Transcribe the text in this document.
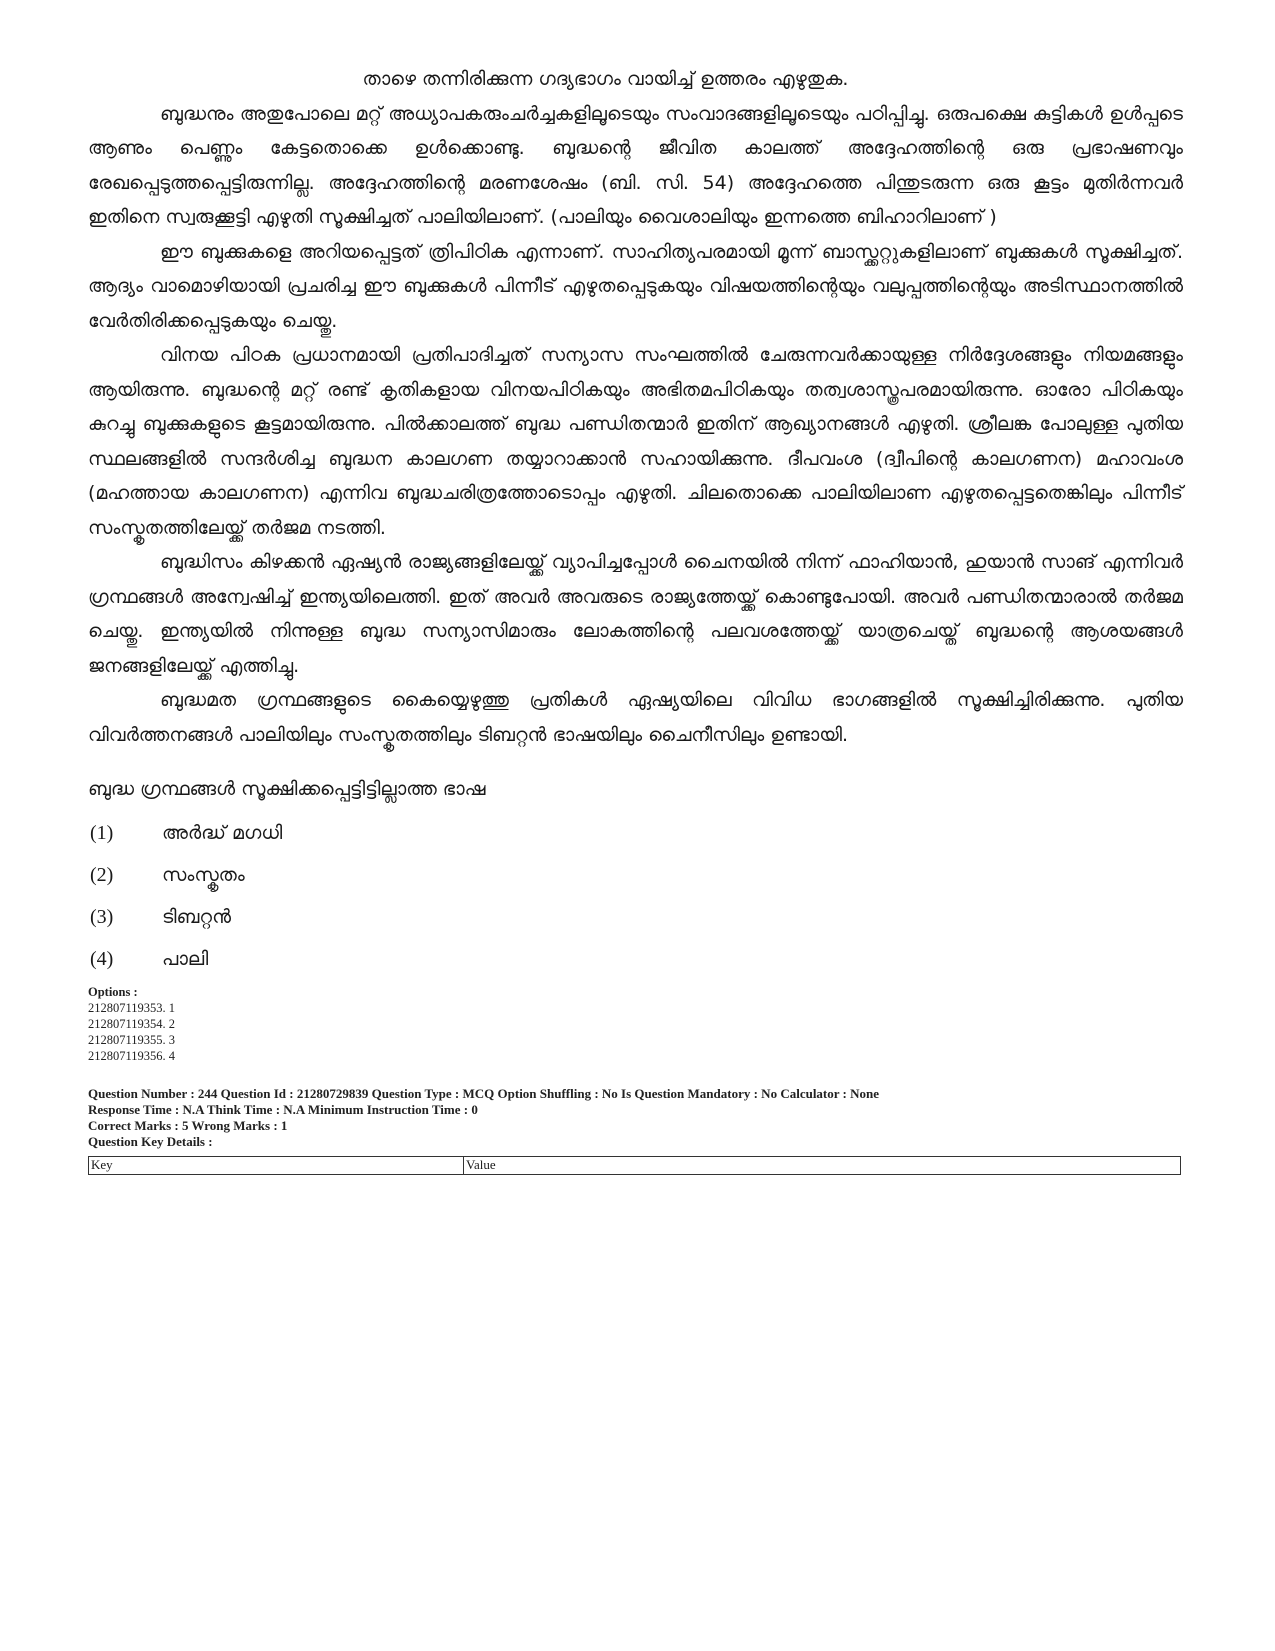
താഴെ തന്നിരിക്കുന്ന ഗദ്യഭാഗം വായിച്ച് ഉത്തരം എഴുതുക.

ബുദ്ധനും അതുപോലെ മറ്റ് അധ്യാപകരുംചർച്ചകളിലൂടെയും സംവാദങ്ങളിലൂടെയും പഠിപ്പിച്ചു. ഒരുപക്ഷെ കുട്ടികൾ ഉൾപ്പടെ ആണും പെണ്ണും കേട്ടതൊക്കെ ഉൾക്കൊണ്ടു. ബുദ്ധന്റെ ജീവിത കാലത്ത് അദ്ദേഹത്തിന്റെ ഒരു പ്രഭാഷണവും രേഖപ്പെടുത്തപ്പെട്ടിരുന്നില്ല. അദ്ദേഹത്തിന്റെ മരണശേഷം (ബി. സി. 54) അദ്ദേഹത്തെ പിന്തുടരുന്ന ഒരു കൂട്ടം മുതിർന്നവർ ഇതിനെ സ്വരുക്കൂട്ടി എഴുതി സൂക്ഷിച്ചത് പാലിയിലാണ്. (പാലിയും വൈശാലിയും ഇന്നത്തെ ബിഹാറിലാണ് )

ഈ ബുക്കുകളെ അറിയപ്പെട്ടത് ത്രിപിഠിക എന്നാണ്. സാഹിത്യപരമായി മൂന്ന് ബാസ്ക്കറ്റുകളിലാണ് ബുക്കുകൾ സൂക്ഷിച്ചത്. ആദ്യം വാമൊഴിയായി പ്രചരിച്ച ഈ ബുക്കുകൾ പിന്നീട് എഴുതപ്പെടുകയും വിഷയത്തിന്റെയും വലുപ്പത്തിന്റെയും അടിസ്ഥാനത്തിൽ വേർതിരിക്കപ്പെടുകയും ചെയ്തു.

വിനയ പിഠക പ്രധാനമായി പ്രതിപാദിച്ചത് സന്യാസ സംഘത്തിൽ ചേരുന്നവർക്കായുള്ള നിർദ്ദേശങ്ങളും നിയമങ്ങളും ആയിരുന്നു. ബുദ്ധന്റെ മറ്റ് രണ്ട് കൃതികളായ വിനയപിഠികയും അഭിതമപിഠികയും തത്വശാസ്ത്രപരമായിരുന്നു. ഓരോ പിഠികയും കുറച്ചു ബുക്കുകളുടെ കൂട്ടമായിരുന്നു. പിൽക്കാലത്ത് ബുദ്ധ പണ്ഡിതന്മാർ ഇതിന് ആഖ്യാനങ്ങൾ എഴുതി. ശ്രീലങ്ക പോലുള്ള പുതിയ സ്ഥലങ്ങളിൽ സന്ദർശിച്ച ബുദ്ധന കാലഗണ തയ്യാറാക്കാൻ സഹായിക്കുന്നു. ദീപവംശ (ദ്വീപിന്റെ കാലഗണന) മഹാവംശ (മഹത്തായ കാലഗണന) എന്നിവ ബുദ്ധചരിത്രത്തോടൊപ്പം എഴുതി. ചിലതൊക്കെ പാലിയിലാണ എഴുതപ്പെട്ടതെങ്കിലും പിന്നീട് സംസ്കൃതത്തിലേയ്ക്ക് തർജമ നടത്തി.

ബുദ്ധിസം കിഴക്കൻ ഏഷ്യൻ രാജ്യങ്ങളിലേയ്ക്ക് വ്യാപിച്ചപ്പോൾ ചൈനയിൽ നിന്ന് ഫാഹിയാൻ, ഹുയാൻ സാങ് എന്നിവർ ഗ്രന്ഥങ്ങൾ അന്വേഷിച്ച് ഇന്ത്യയിലെത്തി. ഇത് അവർ അവരുടെ രാജ്യത്തേയ്ക്ക് കൊണ്ടുപോയി. അവർ പണ്ഡിതന്മാരാൽ തർജമ ചെയ്തു. ഇന്ത്യയിൽ നിന്നുള്ള ബുദ്ധ സന്യാസിമാരും ലോകത്തിന്റെ പലവശത്തേയ്ക്ക് യാത്രചെയ്ത് ബുദ്ധന്റെ ആശയങ്ങൾ ജനങ്ങളിലേയ്ക്ക് എത്തിച്ചു.

ബുദ്ധമത ഗ്രന്ഥങ്ങളുടെ കൈയ്യെഴുത്തു പ്രതികൾ ഏഷ്യയിലെ വിവിധ ഭാഗങ്ങളിൽ സൂക്ഷിച്ചിരിക്കുന്നു. പുതിയ വിവർത്തനങ്ങൾ പാലിയിലും സംസ്കൃതത്തിലും ടിബറ്റൻ ഭാഷയിലും ചൈനീസിലും ഉണ്ടായി.

ബുദ്ധ ഗ്രന്ഥങ്ങൾ സൂക്ഷിക്കപ്പെട്ടിട്ടില്ലാത്ത ഭാഷ
(1)	അർദ്ധ് മഗധി
(2)	സംസ്കൃതം
(3)	ടിബറ്റൻ
(4)	പാലി
Options :
212807119353. 1
212807119354. 2
212807119355. 3
212807119356. 4
Question Number : 244 Question Id : 21280729839 Question Type : MCQ Option Shuffling : No Is Question Mandatory : No Calculator : None
Response Time : N.A Think Time : N.A Minimum Instruction Time : 0
Correct Marks : 5 Wrong Marks : 1
Question Key Details :
Key	Value
